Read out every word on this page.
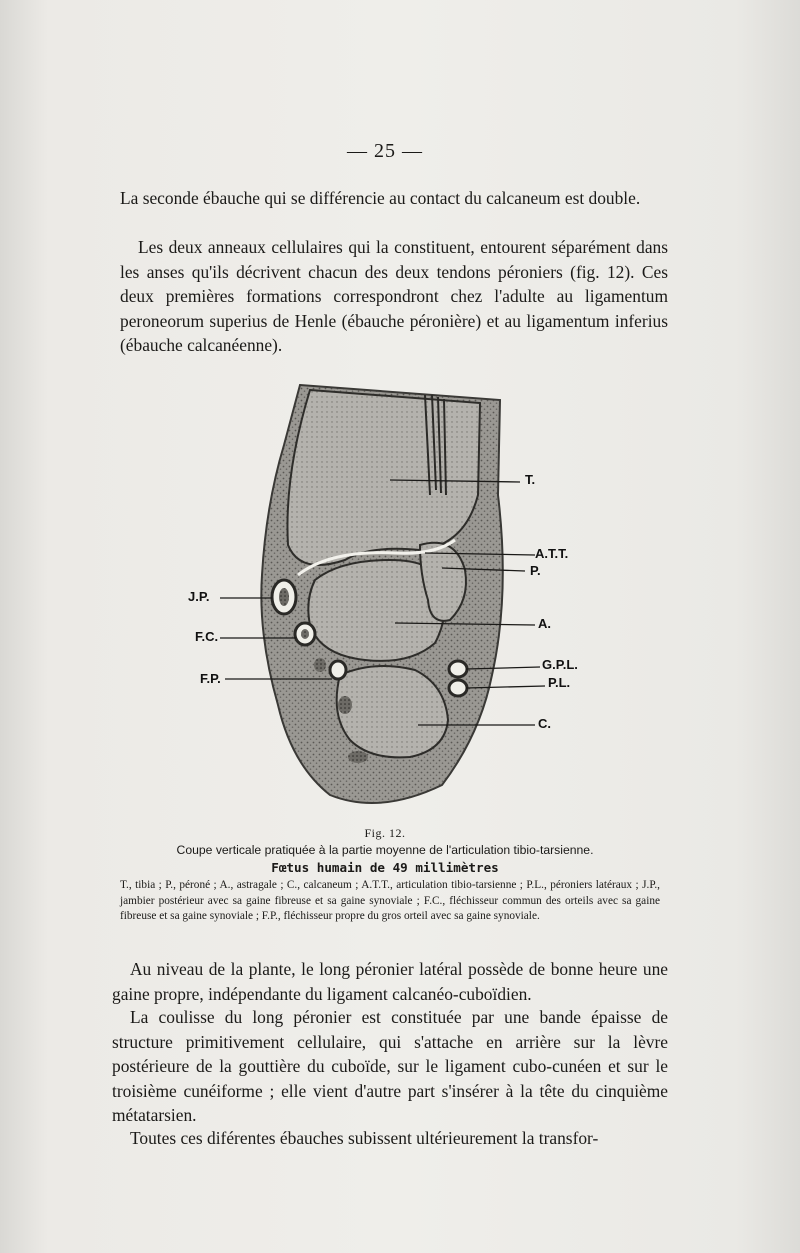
— 25 —

La seconde ébauche qui se différencie au contact du calcaneum est double.

Les deux anneaux cellulaires qui la constituent, entourent séparément dans les anses qu'ils décrivent chacun des deux tendons péroniers (fig. 12). Ces deux premières formations correspondront chez l'adulte au ligamentum peroneorum superius de Henle (ébauche péronière) et au ligamentum inferius (ébauche calcanéenne).

T.
A.T.T.
P.
A.
G.P.L.
P.L.
C.
J.P.
F.C.
F.P.
Fig. 12.
Coupe verticale pratiquée à la partie moyenne de l'articulation tibio-tarsienne.
Fœtus humain de 49 millimètres

T., tibia ; P., péroné ; A., astragale ; C., calcaneum ; A.T.T., articulation tibio-tarsienne ; P.L., péroniers latéraux ; J.P., jambier postérieur avec sa gaine fibreuse et sa gaine synoviale ; F.C., fléchisseur commun des orteils avec sa gaine fibreuse et sa gaine synoviale ; F.P., fléchisseur propre du gros orteil avec sa gaine synoviale.

Au niveau de la plante, le long péronier latéral possède de bonne heure une gaine propre, indépendante du ligament calcanéo-cuboïdien.

La coulisse du long péronier est constituée par une bande épaisse de structure primitivement cellulaire, qui s'attache en arrière sur la lèvre postérieure de la gouttière du cuboïde, sur le ligament cubo-cunéen et sur le troisième cunéiforme ; elle vient d'autre part s'insérer à la tête du cinquième métatarsien.

Toutes ces diférentes ébauches subissent ultérieurement la transfor-
